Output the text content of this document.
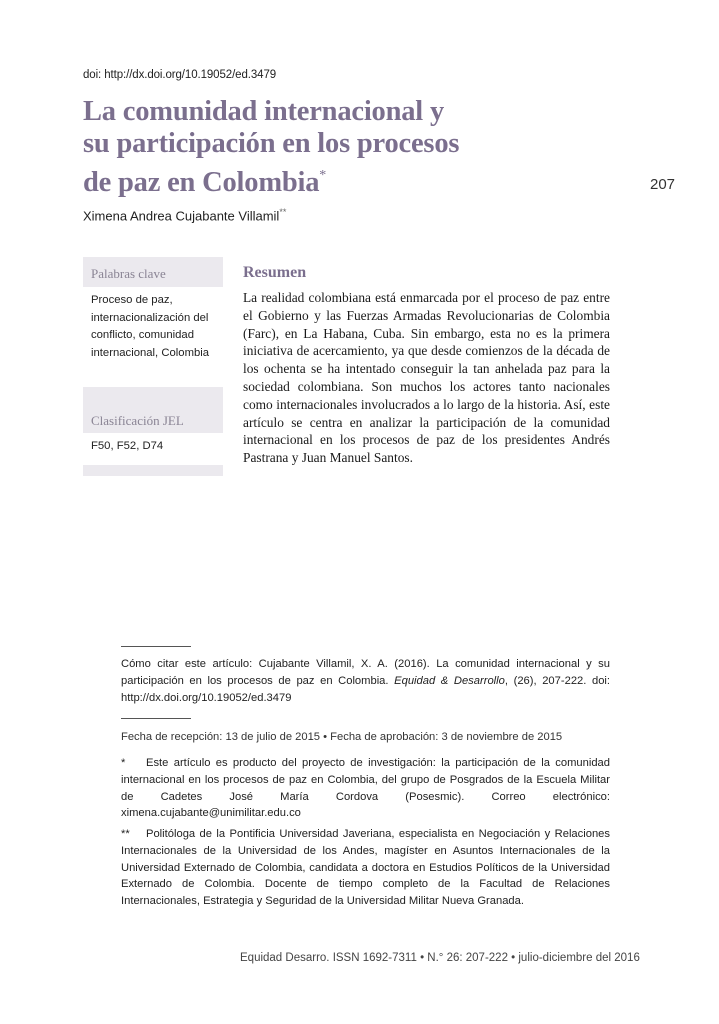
doi: http://dx.doi.org/10.19052/ed.3479
La comunidad internacional y
su participación en los procesos
de paz en Colombia*
207
Ximena Andrea Cujabante Villamil**
Palabras clave
Proceso de paz, internacionalización del conflicto, comunidad internacional, Colombia
Clasificación JEL
F50, F52, D74
Resumen

La realidad colombiana está enmarcada por el proceso de paz entre el Gobierno y las Fuerzas Armadas Revolucionarias de Colombia (Farc), en La Habana, Cuba. Sin embargo, esta no es la primera iniciativa de acercamiento, ya que desde comienzos de la década de los ochenta se ha intentado conseguir la tan anhelada paz para la sociedad colombiana. Son muchos los actores tanto nacionales como internacionales involucrados a lo largo de la historia. Así, este artículo se centra en analizar la participación de la comunidad internacional en los procesos de paz de los presidentes Andrés Pastrana y Juan Manuel Santos.

Cómo citar este artículo: Cujabante Villamil, X. A. (2016). La comunidad internacional y su participación en los procesos de paz en Colombia. Equidad & Desarrollo, (26), 207-222. doi: http://dx.doi.org/10.19052/ed.3479

Fecha de recepción: 13 de julio de 2015 • Fecha de aprobación: 3 de noviembre de 2015

* Este artículo es producto del proyecto de investigación: la participación de la comunidad internacional en los procesos de paz en Colombia, del grupo de Posgrados de la Escuela Militar de Cadetes José María Cordova (Posesmic). Correo electrónico: ximena.cujabante@unimilitar.edu.co

** Politóloga de la Pontificia Universidad Javeriana, especialista en Negociación y Relaciones Internacionales de la Universidad de los Andes, magíster en Asuntos Internacionales de la Universidad Externado de Colombia, candidata a doctora en Estudios Políticos de la Universidad Externado de Colombia. Docente de tiempo completo de la Facultad de Relaciones Internacionales, Estrategia y Seguridad de la Universidad Militar Nueva Granada.

Equidad Desarro. ISSN 1692-7311 • N.° 26: 207-222 • julio-diciembre del 2016
